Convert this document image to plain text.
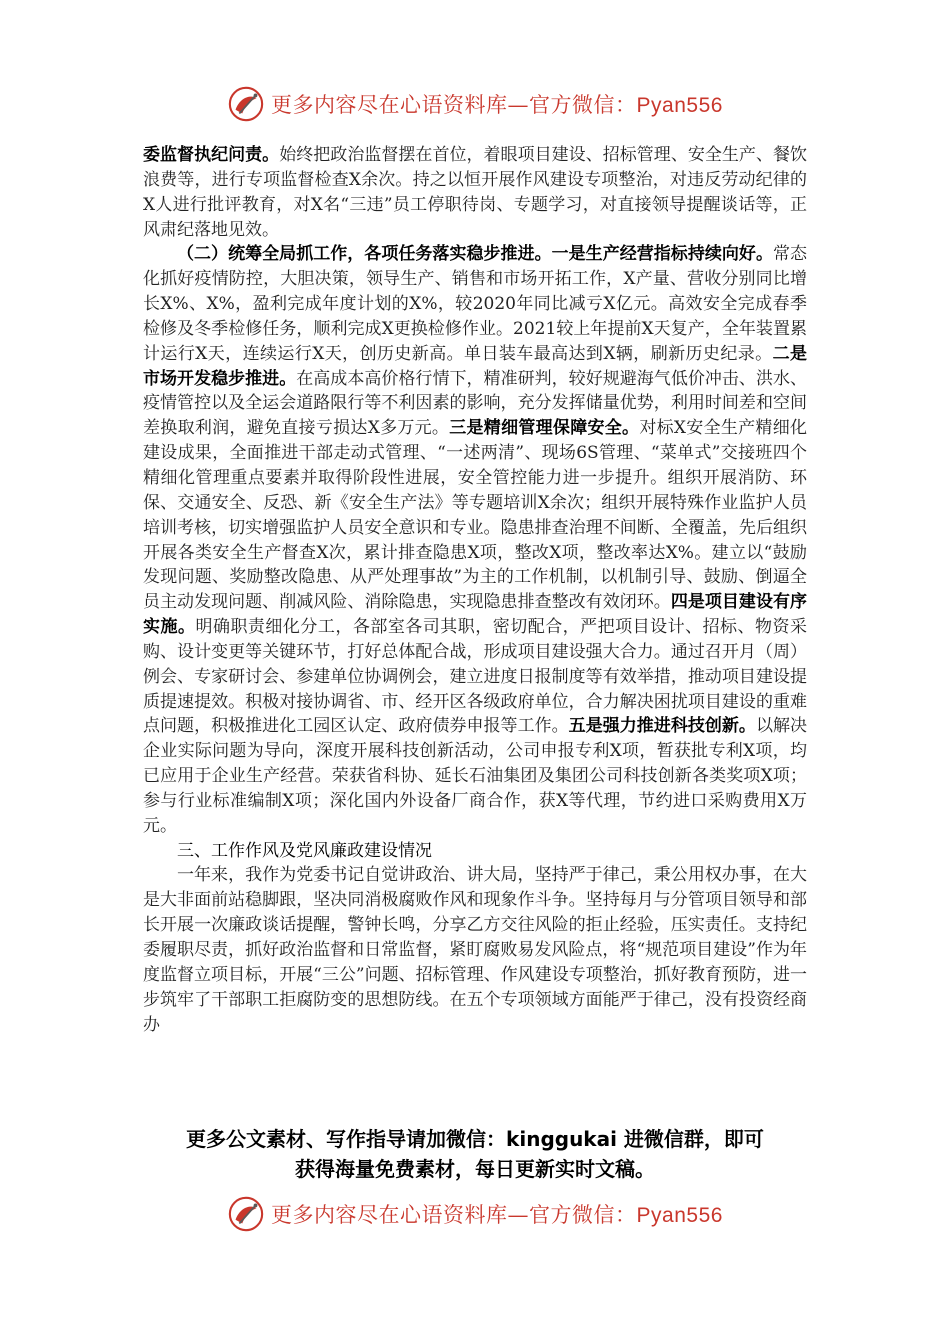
更多内容尽在心语资料库—官方微信：Pyan556

委监督执纪问责。始终把政治监督摆在首位，着眼项目建设、招标管理、安全生产、餐饮浪费等，进行专项监督检查X余次。持之以恒开展作风建设专项整治，对违反劳动纪律的X人进行批评教育，对X名“三违”员工停职待岗、专题学习，对直接领导提醒谈话等，正风肃纪落地见效。

（二）统筹全局抓工作，各项任务落实稳步推进。一是生产经营指标持续向好。常态化抓好疫情防控，大胆决策，领导生产、销售和市场开拓工作，X产量、营收分别同比增长X%、X%，盈利完成年度计划的X%，较2020年同比减亏X亿元。高效安全完成春季检修及冬季检修任务，顺利完成X更换检修作业。2021较上年提前X天复产，全年装置累计运行X天，连续运行X天，创历史新高。单日装车最高达到X辆，刷新历史纪录。二是市场开发稳步推进。在高成本高价格行情下，精准研判，较好规避海气低价冲击、洪水、疫情管控以及全运会道路限行等不利因素的影响，充分发挥储量优势，利用时间差和空间差换取利润，避免直接亏损达X多万元。三是精细管理保障安全。对标X安全生产精细化建设成果，全面推进干部走动式管理、“一述两清”、现场6S管理、“菜单式”交接班四个精细化管理重点要素并取得阶段性进展，安全管控能力进一步提升。组织开展消防、环保、交通安全、反恐、新《安全生产法》等专题培训X余次；组织开展特殊作业监护人员培训考核，切实增强监护人员安全意识和专业。隐患排查治理不间断、全覆盖，先后组织开展各类安全生产督查X次，累计排查隐患X项，整改X项，整改率达X%。建立以“鼓励发现问题、奖励整改隐患、从严处理事故”为主的工作机制，以机制引导、鼓励、倒逼全员主动发现问题、削减风险、消除隐患，实现隐患排查整改有效闭环。四是项目建设有序实施。明确职责细化分工，各部室各司其职，密切配合，严把项目设计、招标、物资采购、设计变更等关键环节，打好总体配合战，形成项目建设强大合力。通过召开月（周）例会、专家研讨会、参建单位协调例会，建立进度日报制度等有效举措，推动项目建设提质提速提效。积极对接协调省、市、经开区各级政府单位，合力解决困扰项目建设的重难点问题，积极推进化工园区认定、政府债券申报等工作。五是强力推进科技创新。以解决企业实际问题为导向，深度开展科技创新活动，公司申报专利X项，暂获批专利X项，均已应用于企业生产经营。荣获省科协、延长石油集团及集团公司科技创新各类奖项X项；参与行业标准编制X项；深化国内外设备厂商合作，获X等代理，节约进口采购费用X万元。

三、工作作风及党风廉政建设情况

一年来，我作为党委书记自觉讲政治、讲大局，坚持严于律己，秉公用权办事，在大是大非面前站稳脚跟，坚决同消极腐败作风和现象作斗争。坚持每月与分管项目领导和部长开展一次廉政谈话提醒，警钟长鸣，分享乙方交往风险的拒止经验，压实责任。支持纪委履职尽责，抓好政治监督和日常监督，紧盯腐败易发风险点，将“规范项目建设”作为年度监督立项目标，开展“三公”问题、招标管理、作风建设专项整治，抓好教育预防，进一步筑牢了干部职工拒腐防变的思想防线。在五个专项领域方面能严于律己，没有投资经商办

更多公文素材、写作指导请加微信：kinggukai 进微信群，即可
获得海量免费素材，每日更新实时文稿。
更多内容尽在心语资料库—官方微信：Pyan556
